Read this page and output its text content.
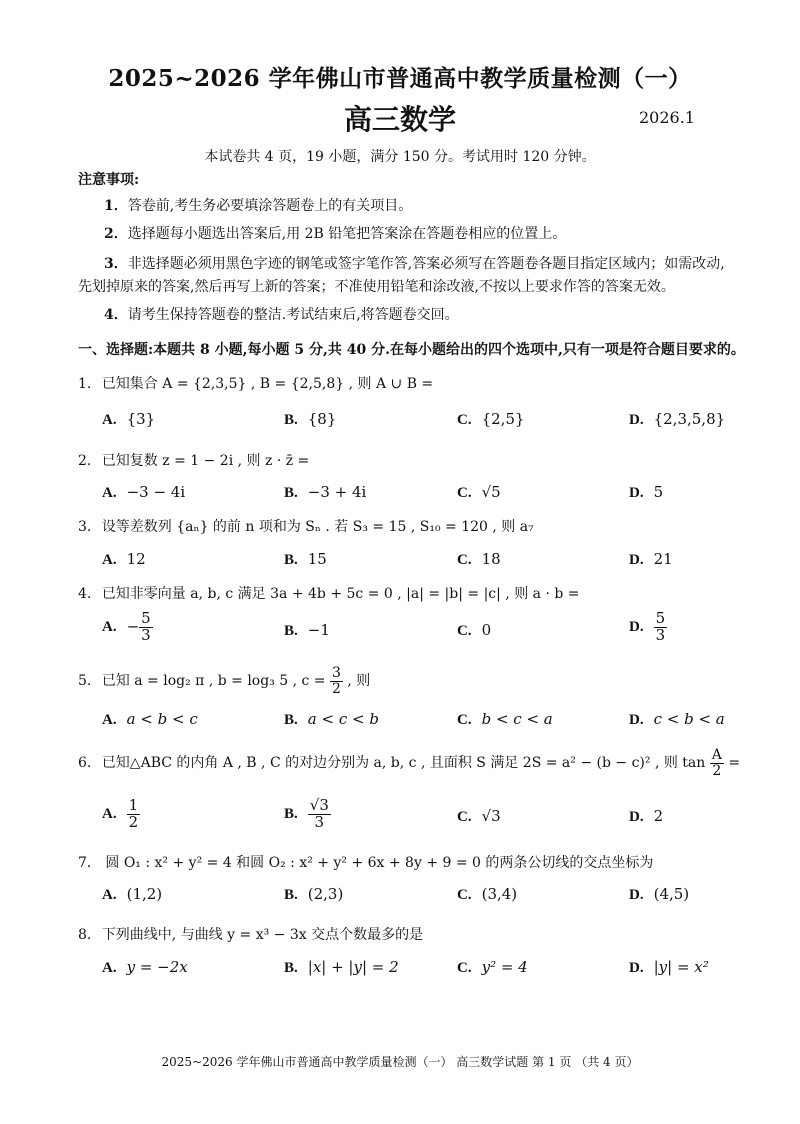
2025~2026 学年佛山市普通高中教学质量检测（一）
高三数学	2026.1
本试卷共 4 页，19 小题，满分 150 分。考试用时 120 分钟。
注意事项:
1．答卷前,考生务必要填涂答题卷上的有关项目。
2．选择题每小题选出答案后,用 2B 铅笔把答案涂在答题卷相应的位置上。
3．非选择题必须用黑色字迹的钢笔或签字笔作答,答案必须写在答题卷各题目指定区域内；如需改动,
先划掉原来的答案,然后再写上新的答案；不准使用铅笔和涂改液,不按以上要求作答的答案无效。
4．请考生保持答题卷的整洁.考试结束后,将答题卷交回。
一、选择题:本题共 8 小题,每小题 5 分,共 40 分.在每小题给出的四个选项中,只有一项是符合题目要求的。
1. 已知集合 A = {2,3,5} , B = {2,5,8} , 则 A ∪ B =
A. {3}	B. {8}	C. {2,5}	D. {2,3,5,8}
2. 已知复数 z = 1 − 2i , 则 z · z̄ =
A. −3 − 4i	B. −3 + 4i	C. √5	D. 5
3. 设等差数列 {aₙ} 的前 n 项和为 Sₙ . 若 S₃ = 15 , S₁₀ = 120 , 则 a₇
A. 12	B. 15	C. 18	D. 21
4. 已知非零向量 a, b, c 满足 3a + 4b + 5c = 0 , |a| = |b| = |c| , 则 a · b =
A. − $\frac{5}{3}$	B. −1	C. 0	D. $\frac{5}{3}$
5. 已知 a = log₂ π , b = log₃ 5 , $c = \frac{3}{2}$ , 则
A. a < b < c	B. a < c < b	C. b < c < a	D. c < b < a
6. 已知△ABC 的内角 A , B , C 的对边分别为 a, b, c , 且面积 S 满足 2S = a² − (b − c)² , 则 $\tan \frac{A}{2}$ =
A. $\frac{1}{2}$	B. $\frac{√3}{3}$	C. √3	D. 2
7． 圆 O₁ : x² + y² = 4 和圆 O₂ : x² + y² + 6x + 8y + 9 = 0 的两条公切线的交点坐标为
A. (1,2)	B. (2,3)	C. (3,4)	D. (4,5)
8. 下列曲线中, 与曲线 y = x³ − 3x 交点个数最多的是
A. y = −2x	B. |x| + |y| = 2	C. y² = 4	D. |y| = x²
2025~2026 学年佛山市普通高中教学质量检测（一） 高三数学试题 第 1 页 （共 4 页）
